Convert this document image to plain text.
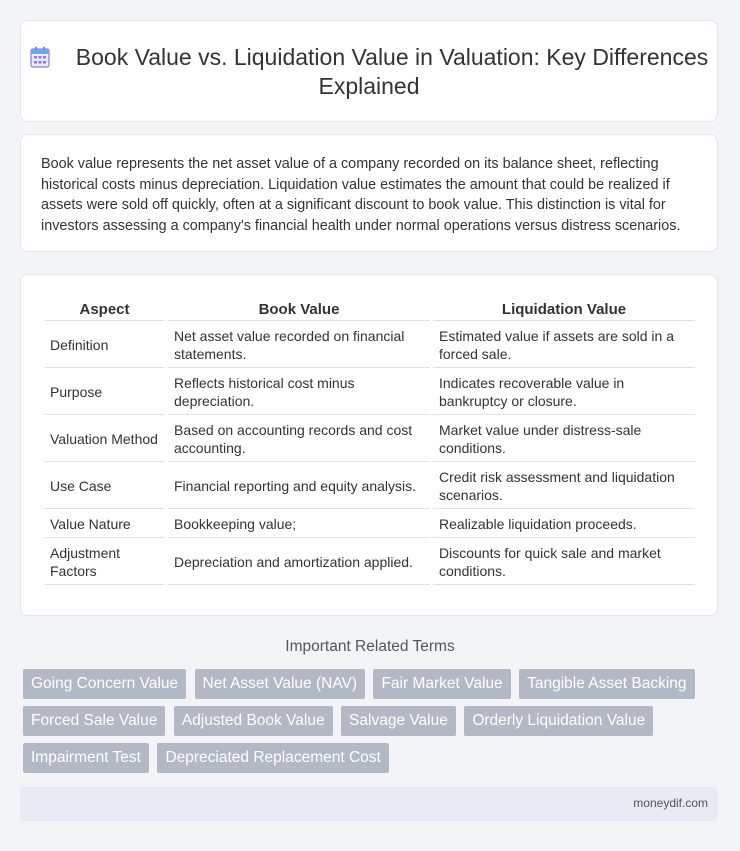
Book Value vs. Liquidation Value in Valuation: Key Differences Explained
Book value represents the net asset value of a company recorded on its balance sheet, reflecting historical costs minus depreciation. Liquidation value estimates the amount that could be realized if assets were sold off quickly, often at a significant discount to book value. This distinction is vital for investors assessing a company's financial health under normal operations versus distress scenarios.
Aspect	Book Value	Liquidation Value
Definition	Net asset value recorded on financial statements.	Estimated value if assets are sold in a forced sale.
Purpose	Reflects historical cost minus depreciation.	Indicates recoverable value in bankruptcy or closure.
Valuation Method	Based on accounting records and cost accounting.	Market value under distress-sale conditions.
Use Case	Financial reporting and equity analysis.	Credit risk assessment and liquidation scenarios.
Value Nature	Bookkeeping value;	Realizable liquidation proceeds.
Adjustment Factors	Depreciation and amortization applied.	Discounts for quick sale and market conditions.
Important Related Terms
Going Concern Value Net Asset Value (NAV) Fair Market Value Tangible Asset Backing Forced Sale Value Adjusted Book Value Salvage Value Orderly Liquidation Value Impairment Test Depreciated Replacement Cost
moneydif.com
